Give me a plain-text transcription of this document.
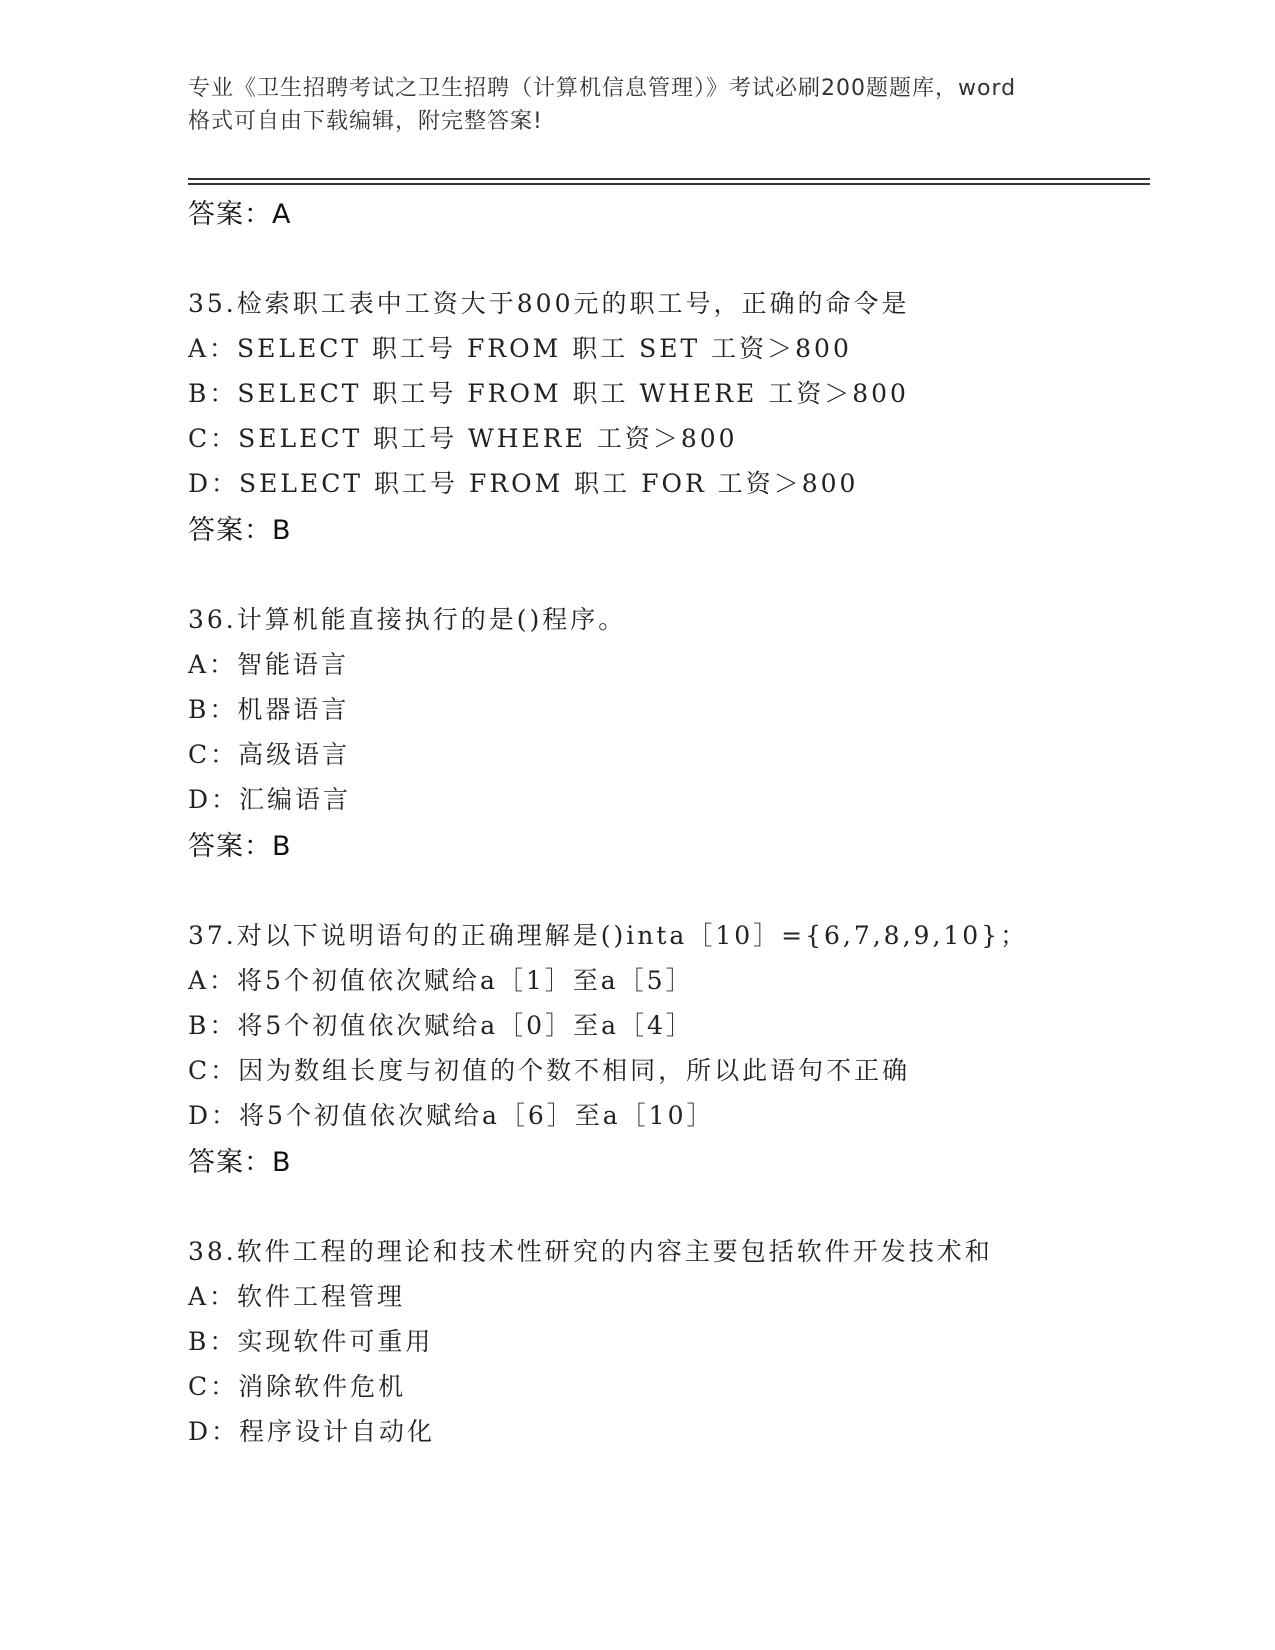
专业《卫生招聘考试之卫生招聘（计算机信息管理）》考试必刷200题题库，word
格式可自由下载编辑，附完整答案!
答案：A
35.检索职工表中工资大于800元的职工号，正确的命令是
A：SELECT 职工号 FROM 职工 SET 工资＞800
B：SELECT 职工号 FROM 职工 WHERE 工资＞800
C：SELECT 职工号 WHERE 工资＞800
D：SELECT 职工号 FROM 职工 FOR 工资＞800
答案：B
36.计算机能直接执行的是()程序。
A：智能语言
B：机器语言
C：高级语言
D：汇编语言
答案：B
37.对以下说明语句的正确理解是()inta［10］={6,7,8,9,10}；
A：将5个初值依次赋给a［1］至a［5］
B：将5个初值依次赋给a［0］至a［4］
C：因为数组长度与初值的个数不相同，所以此语句不正确
D：将5个初值依次赋给a［6］至a［10］
答案：B
38.软件工程的理论和技术性研究的内容主要包括软件开发技术和
A：软件工程管理
B：实现软件可重用
C：消除软件危机
D：程序设计自动化
